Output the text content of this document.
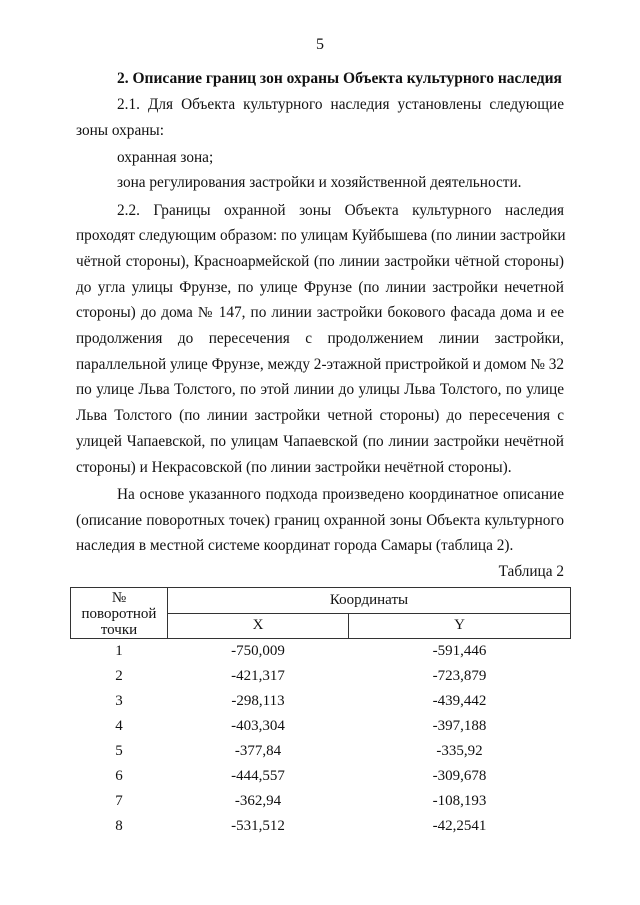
5
2. Описание границ зон охраны Объекта культурного наследия
2.1. Для Объекта культурного наследия установлены следующие
зоны охраны:
охранная зона;
зона регулирования застройки и хозяйственной деятельности.
2.2. Границы охранной зоны Объекта культурного наследия
проходят следующим образом: по улицам Куйбышева (по линии застройки
чётной стороны), Красноармейской (по линии застройки чётной стороны)
до угла улицы Фрунзе, по улице Фрунзе (по линии застройки нечетной
стороны) до дома № 147, по линии застройки бокового фасада дома и ее
продолжения до пересечения с продолжением линии застройки,
параллельной улице Фрунзе, между 2-этажной пристройкой и домом № 32
по улице Льва Толстого, по этой линии до улицы Льва Толстого, по улице
Льва Толстого (по линии застройки четной стороны) до пересечения с
улицей Чапаевской, по улицам Чапаевской (по линии застройки нечётной
стороны) и Некрасовской (по линии застройки нечётной стороны).
На основе указанного подхода произведено координатное описание
(описание поворотных точек) границ охранной зоны Объекта культурного
наследия в местной системе координат города Самары (таблица 2).
Таблица 2
№
поворотной
точки	Координаты	
	X	Y
1	-750,009	-591,446
2	-421,317	-723,879
3	-298,113	-439,442
4	-403,304	-397,188
5	-377,84	-335,92
6	-444,557	-309,678
7	-362,94	-108,193
8	-531,512	-42,2541
